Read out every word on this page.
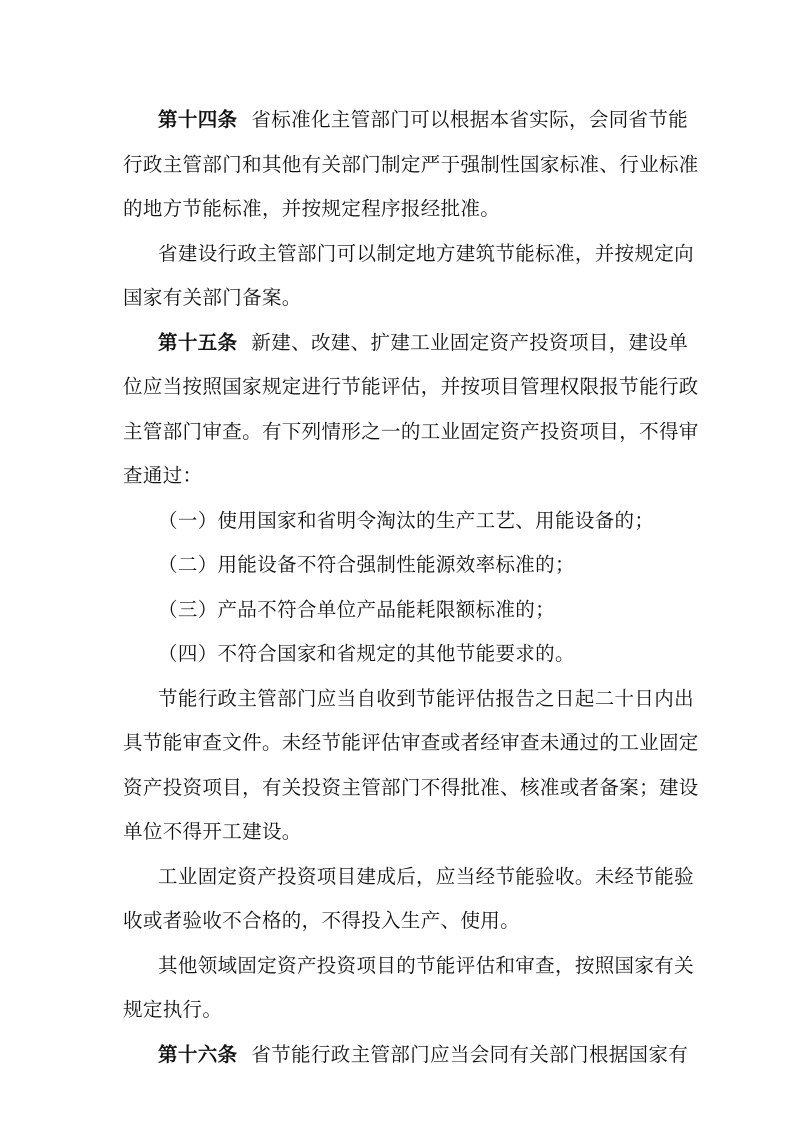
第十四条 省标准化主管部门可以根据本省实际，会同省节能
行政主管部门和其他有关部门制定严于强制性国家标准、行业标准
的地方节能标准，并按规定程序报经批准。
省建设行政主管部门可以制定地方建筑节能标准，并按规定向
国家有关部门备案。
第十五条 新建、改建、扩建工业固定资产投资项目，建设单
位应当按照国家规定进行节能评估，并按项目管理权限报节能行政
主管部门审查。有下列情形之一的工业固定资产投资项目，不得审
查通过：
（一）使用国家和省明令淘汰的生产工艺、用能设备的；
（二）用能设备不符合强制性能源效率标准的；
（三）产品不符合单位产品能耗限额标准的；
（四）不符合国家和省规定的其他节能要求的。
节能行政主管部门应当自收到节能评估报告之日起二十日内出
具节能审查文件。未经节能评估审查或者经审查未通过的工业固定
资产投资项目，有关投资主管部门不得批准、核准或者备案；建设
单位不得开工建设。
工业固定资产投资项目建成后，应当经节能验收。未经节能验
收或者验收不合格的，不得投入生产、使用。
其他领域固定资产投资项目的节能评估和审查，按照国家有关
规定执行。
第十六条 省节能行政主管部门应当会同有关部门根据国家有
